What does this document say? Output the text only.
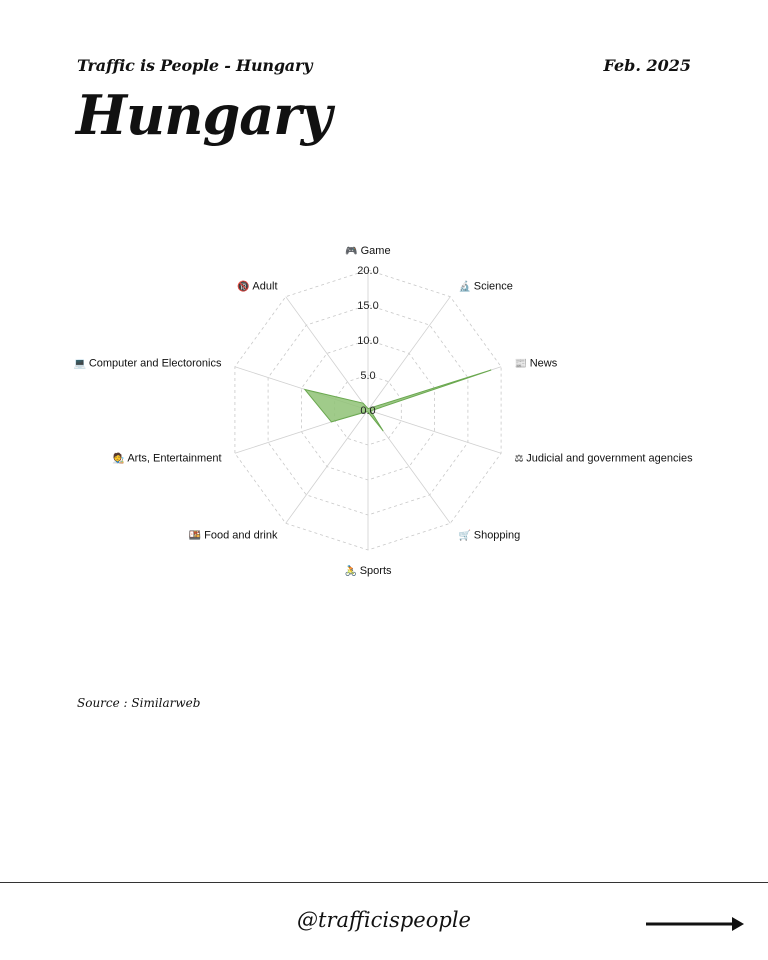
Traffic is People - Hungary	Feb. 2025
Hungary
0.0
5.0
10.0
15.0
20.0
🎮 Game
🔬 Science
📰 News
⚖ Judicial and government agencies
🛒 Shopping
🚴 Sports
🍱 Food and drink
🧑‍🎨 Arts, Entertainment
💻 Computer and Electoronics
🔞 Adult
Source : Similarweb
@trafficispeople
